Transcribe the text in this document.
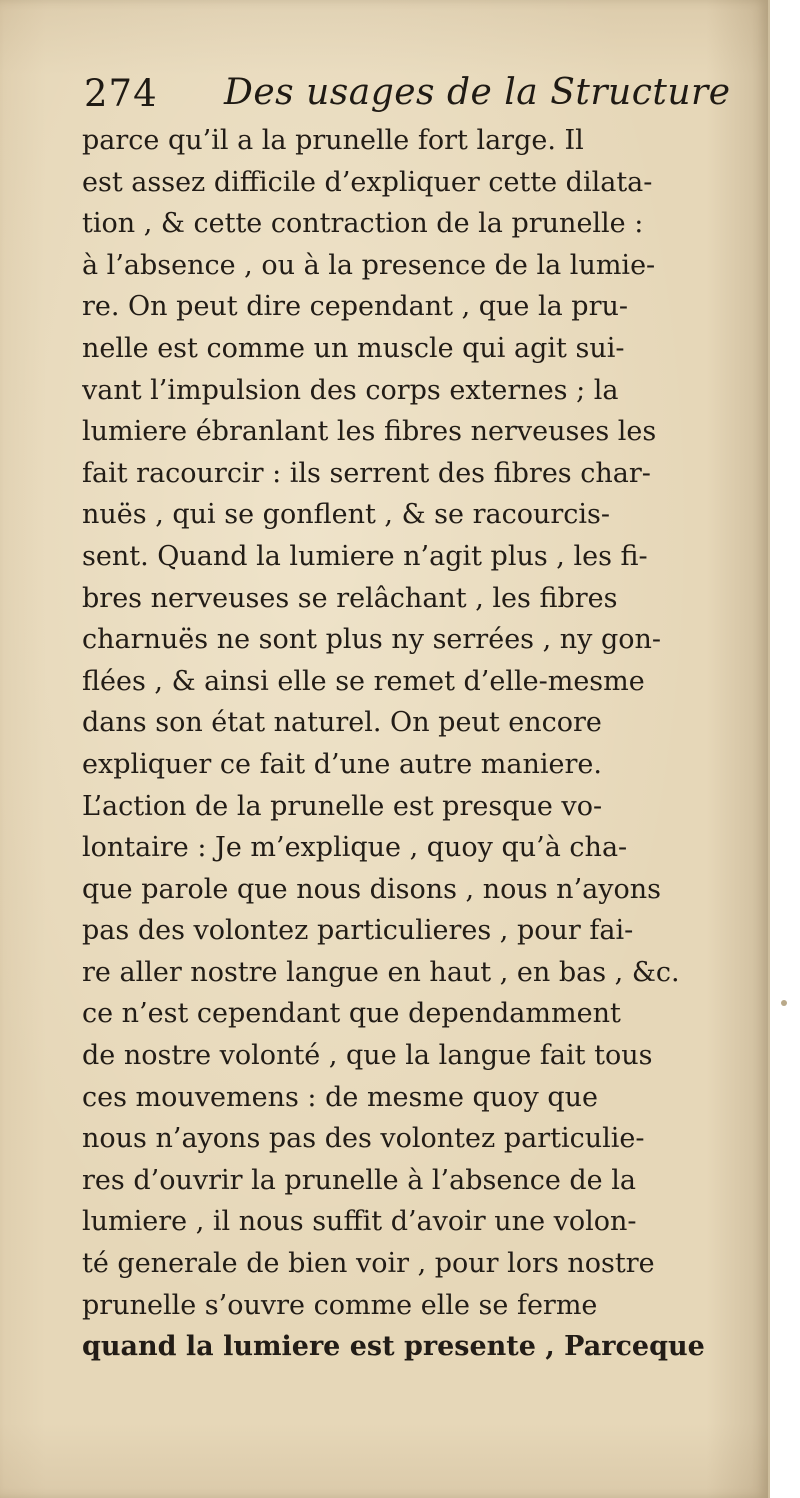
274 Des usages de la Structure
parce qu’il a la prunelle fort large. Il
est assez difficile d’expliquer cette dilata-
tion , & cette contraction de la prunelle :
à l’absence , ou à la presence de la lumie-
re. On peut dire cependant , que la pru-
nelle est comme un muscle qui agit sui-
vant l’impulsion des corps externes ; la
lumiere ébranlant les fibres nerveuses les
fait racourcir : ils serrent des fibres char-
nuës , qui se gonflent , & se racourcis-
sent. Quand la lumiere n’agit plus , les fi-
bres nerveuses se relâchant , les fibres
charnuës ne sont plus ny serrées , ny gon-
flées , & ainsi elle se remet d’elle-mesme
dans son état naturel. On peut encore
expliquer ce fait d’une autre maniere.
L’action de la prunelle est presque vo-
lontaire : Je m’explique , quoy qu’à cha-
que parole que nous disons , nous n’ayons
pas des volontez particulieres , pour fai-
re aller nostre langue en haut , en bas , &c.
ce n’est cependant que dependamment
de nostre volonté , que la langue fait tous
ces mouvemens : de mesme quoy que
nous n’ayons pas des volontez particulie-
res d’ouvrir la prunelle à l’absence de la
lumiere , il nous suffit d’avoir une volon-
té generale de bien voir , pour lors nostre
prunelle s’ouvre comme elle se ferme
quand la lumiere est presente , Parceque
